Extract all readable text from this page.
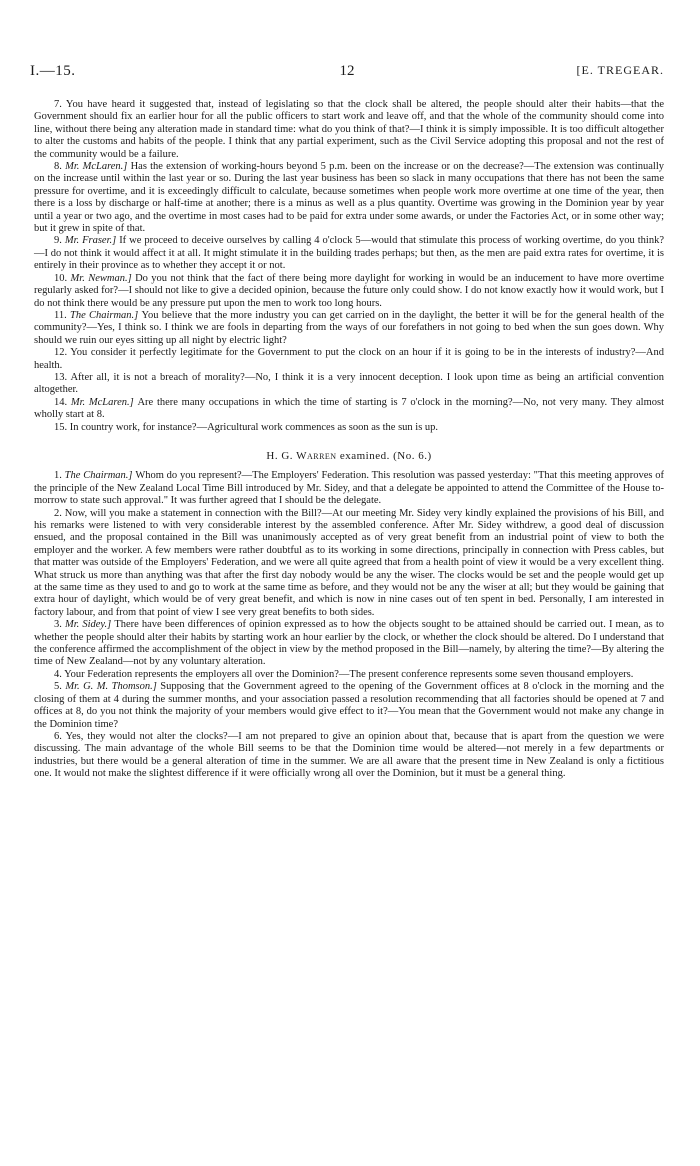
I.—15.	12	[E. TREGEAR.

7. You have heard it suggested that, instead of legislating so that the clock shall be altered, the people should alter their habits—that the Government should fix an earlier hour for all the public officers to start work and leave off, and that the whole of the community should come into line, without there being any alteration made in standard time: what do you think of that?—I think it is simply impossible. It is too difficult altogether to alter the customs and habits of the people. I think that any partial experiment, such as the Civil Service adopting this proposal and not the rest of the community would be a failure.

8. Mr. McLaren.] Has the extension of working-hours beyond 5 p.m. been on the increase or on the decrease?—The extension was continually on the increase until within the last year or so. During the last year business has been so slack in many occupations that there has not been the same pressure for overtime, and it is exceedingly difficult to calculate, because sometimes when people work more overtime at one time of the year, then there is a loss by discharge or half-time at another; there is a minus as well as a plus quantity. Overtime was growing in the Dominion year by year until a year or two ago, and the overtime in most cases had to be paid for extra under some awards, or under the Factories Act, or in some other way; but it grew in spite of that.

9. Mr. Fraser.] If we proceed to deceive ourselves by calling 4 o'clock 5—would that stimulate this process of working overtime, do you think?—I do not think it would affect it at all. It might stimulate it in the building trades perhaps; but then, as the men are paid extra rates for overtime, it is entirely in their province as to whether they accept it or not.

10. Mr. Newman.] Do you not think that the fact of there being more daylight for working in would be an inducement to have more overtime regularly asked for?—I should not like to give a decided opinion, because the future only could show. I do not know exactly how it would work, but I do not think there would be any pressure put upon the men to work too long hours.

11. The Chairman.] You believe that the more industry you can get carried on in the daylight, the better it will be for the general health of the community?—Yes, I think so. I think we are fools in departing from the ways of our forefathers in not going to bed when the sun goes down. Why should we ruin our eyes sitting up all night by electric light?

12. You consider it perfectly legitimate for the Government to put the clock on an hour if it is going to be in the interests of industry?—And health.

13. After all, it is not a breach of morality?—No, I think it is a very innocent deception. I look upon time as being an artificial convention altogether.

14. Mr. McLaren.] Are there many occupations in which the time of starting is 7 o'clock in the morning?—No, not very many. They almost wholly start at 8.

15. In country work, for instance?—Agricultural work commences as soon as the sun is up.

H. G. Warren examined. (No. 6.)

1. The Chairman.] Whom do you represent?—The Employers' Federation. This resolution was passed yesterday: "That this meeting approves of the principle of the New Zealand Local Time Bill introduced by Mr. Sidey, and that a delegate be appointed to attend the Committee of the House to-morrow to state such approval." It was further agreed that I should be the delegate.

2. Now, will you make a statement in connection with the Bill?—At our meeting Mr. Sidey very kindly explained the provisions of his Bill, and his remarks were listened to with very considerable interest by the assembled conference. After Mr. Sidey withdrew, a good deal of discussion ensued, and the proposal contained in the Bill was unanimously accepted as of very great benefit from an industrial point of view to both the employer and the worker. A few members were rather doubtful as to its working in some directions, principally in connection with Press cables, but that matter was outside of the Employers' Federation, and we were all quite agreed that from a health point of view it would be a very excellent thing. What struck us more than anything was that after the first day nobody would be any the wiser. The clocks would be set and the people would get up at the same time as they used to and go to work at the same time as before, and they would not be any the wiser at all; but they would be gaining that extra hour of daylight, which would be of very great benefit, and which is now in nine cases out of ten spent in bed. Personally, I am interested in factory labour, and from that point of view I see very great benefits to both sides.

3. Mr. Sidey.] There have been differences of opinion expressed as to how the objects sought to be attained should be carried out. I mean, as to whether the people should alter their habits by starting work an hour earlier by the clock, or whether the clock should be altered. Do I understand that the conference affirmed the accomplishment of the object in view by the method proposed in the Bill—namely, by altering the time?—By altering the time of New Zealand—not by any voluntary alteration.

4. Your Federation represents the employers all over the Dominion?—The present conference represents some seven thousand employers.

5. Mr. G. M. Thomson.] Supposing that the Government agreed to the opening of the Government offices at 8 o'clock in the morning and the closing of them at 4 during the summer months, and your association passed a resolution recommending that all factories should be opened at 7 and offices at 8, do you not think the majority of your members would give effect to it?—You mean that the Government would not make any change in the Dominion time?

6. Yes, they would not alter the clocks?—I am not prepared to give an opinion about that, because that is apart from the question we were discussing. The main advantage of the whole Bill seems to be that the Dominion time would be altered—not merely in a few departments or industries, but there would be a general alteration of time in the summer. We are all aware that the present time in New Zealand is only a fictitious one. It would not make the slightest difference if it were officially wrong all over the Dominion, but it must be a general thing.
